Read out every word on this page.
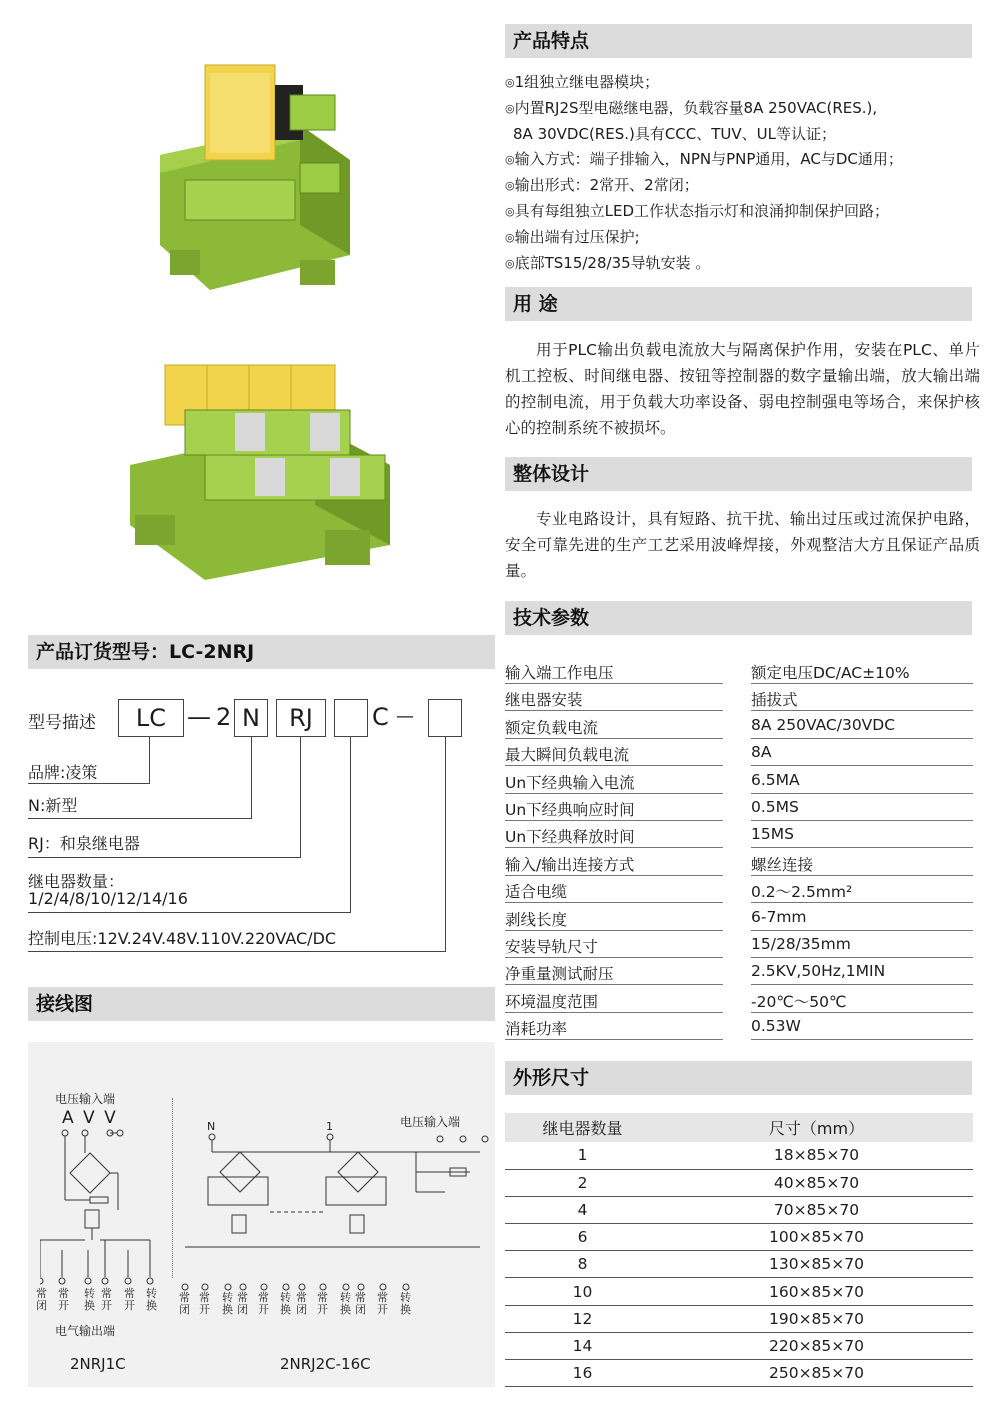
产品特点
◎1组独立继电器模块；
◎内置RJ2S型电磁继电器，负载容量8A 250VAC(RES.),
8A 30VDC(RES.)具有CCC、TUV、UL等认证；
◎输入方式：端子排输入，NPN与PNP通用，AC与DC通用；
◎输出形式：2常开、2常闭；
◎具有每组独立LED工作状态指示灯和浪涌抑制保护回路；
◎输出端有过压保护;
◎底部TS15/28/35导轨安装 。
用 途

用于PLC输出负载电流放大与隔离保护作用，安装在PLC、单片机工控板、时间继电器、按钮等控制器的数字量输出端，放大输出端的控制电流，用于负载大功率设备、弱电控制强电等场合，来保护核心的控制系统不被损坏。

整体设计

专业电路设计，具有短路、抗干扰、输出过压或过流保护电路，安全可靠先进的生产工艺采用波峰焊接，外观整洁大方且保证产品质量。

技术参数
输入端工作电压	额定电压DC/AC±10%
继电器安装	插拔式
额定负载电流	8A 250VAC/30VDC
最大瞬间负载电流	8A
Un下经典输入电流	6.5MA
Un下经典响应时间	0.5MS
Un下经典释放时间	15MS
输入/输出连接方式	螺丝连接
适合电缆	0.2～2.5mm²
剥线长度	6-7mm
安装导轨尺寸	15/28/35mm
净重量测试耐压	2.5KV,50Hz,1MIN
环境温度范围	-20℃～50℃
消耗功率	0.53W
外形尺寸
继电器数量	尺寸（mm）
1	18×85×70
2	40×85×70
4	70×85×70
6	100×85×70
8	130×85×70
10	160×85×70
12	190×85×70
14	220×85×70
16	250×85×70
产品订货型号：LC-2NRJ
型号描述	LC — 2 N	RJ	C —
品牌:凌策
N:新型
RJ：和泉继电器
继电器数量：
1/2/4/8/10/12/14/16
控制电压:12V.24V.48V.110V.220VAC/DC
接线图
电压输入端
A V V
常闭
常开
转换
常开
常开
转换
电气输出端
2NRJ1C
N	1	电压输入端
常闭
常开
转换
常闭
常开
转换
常闭
常开
转换
常闭
常开
转换
2NRJ2C-16C
